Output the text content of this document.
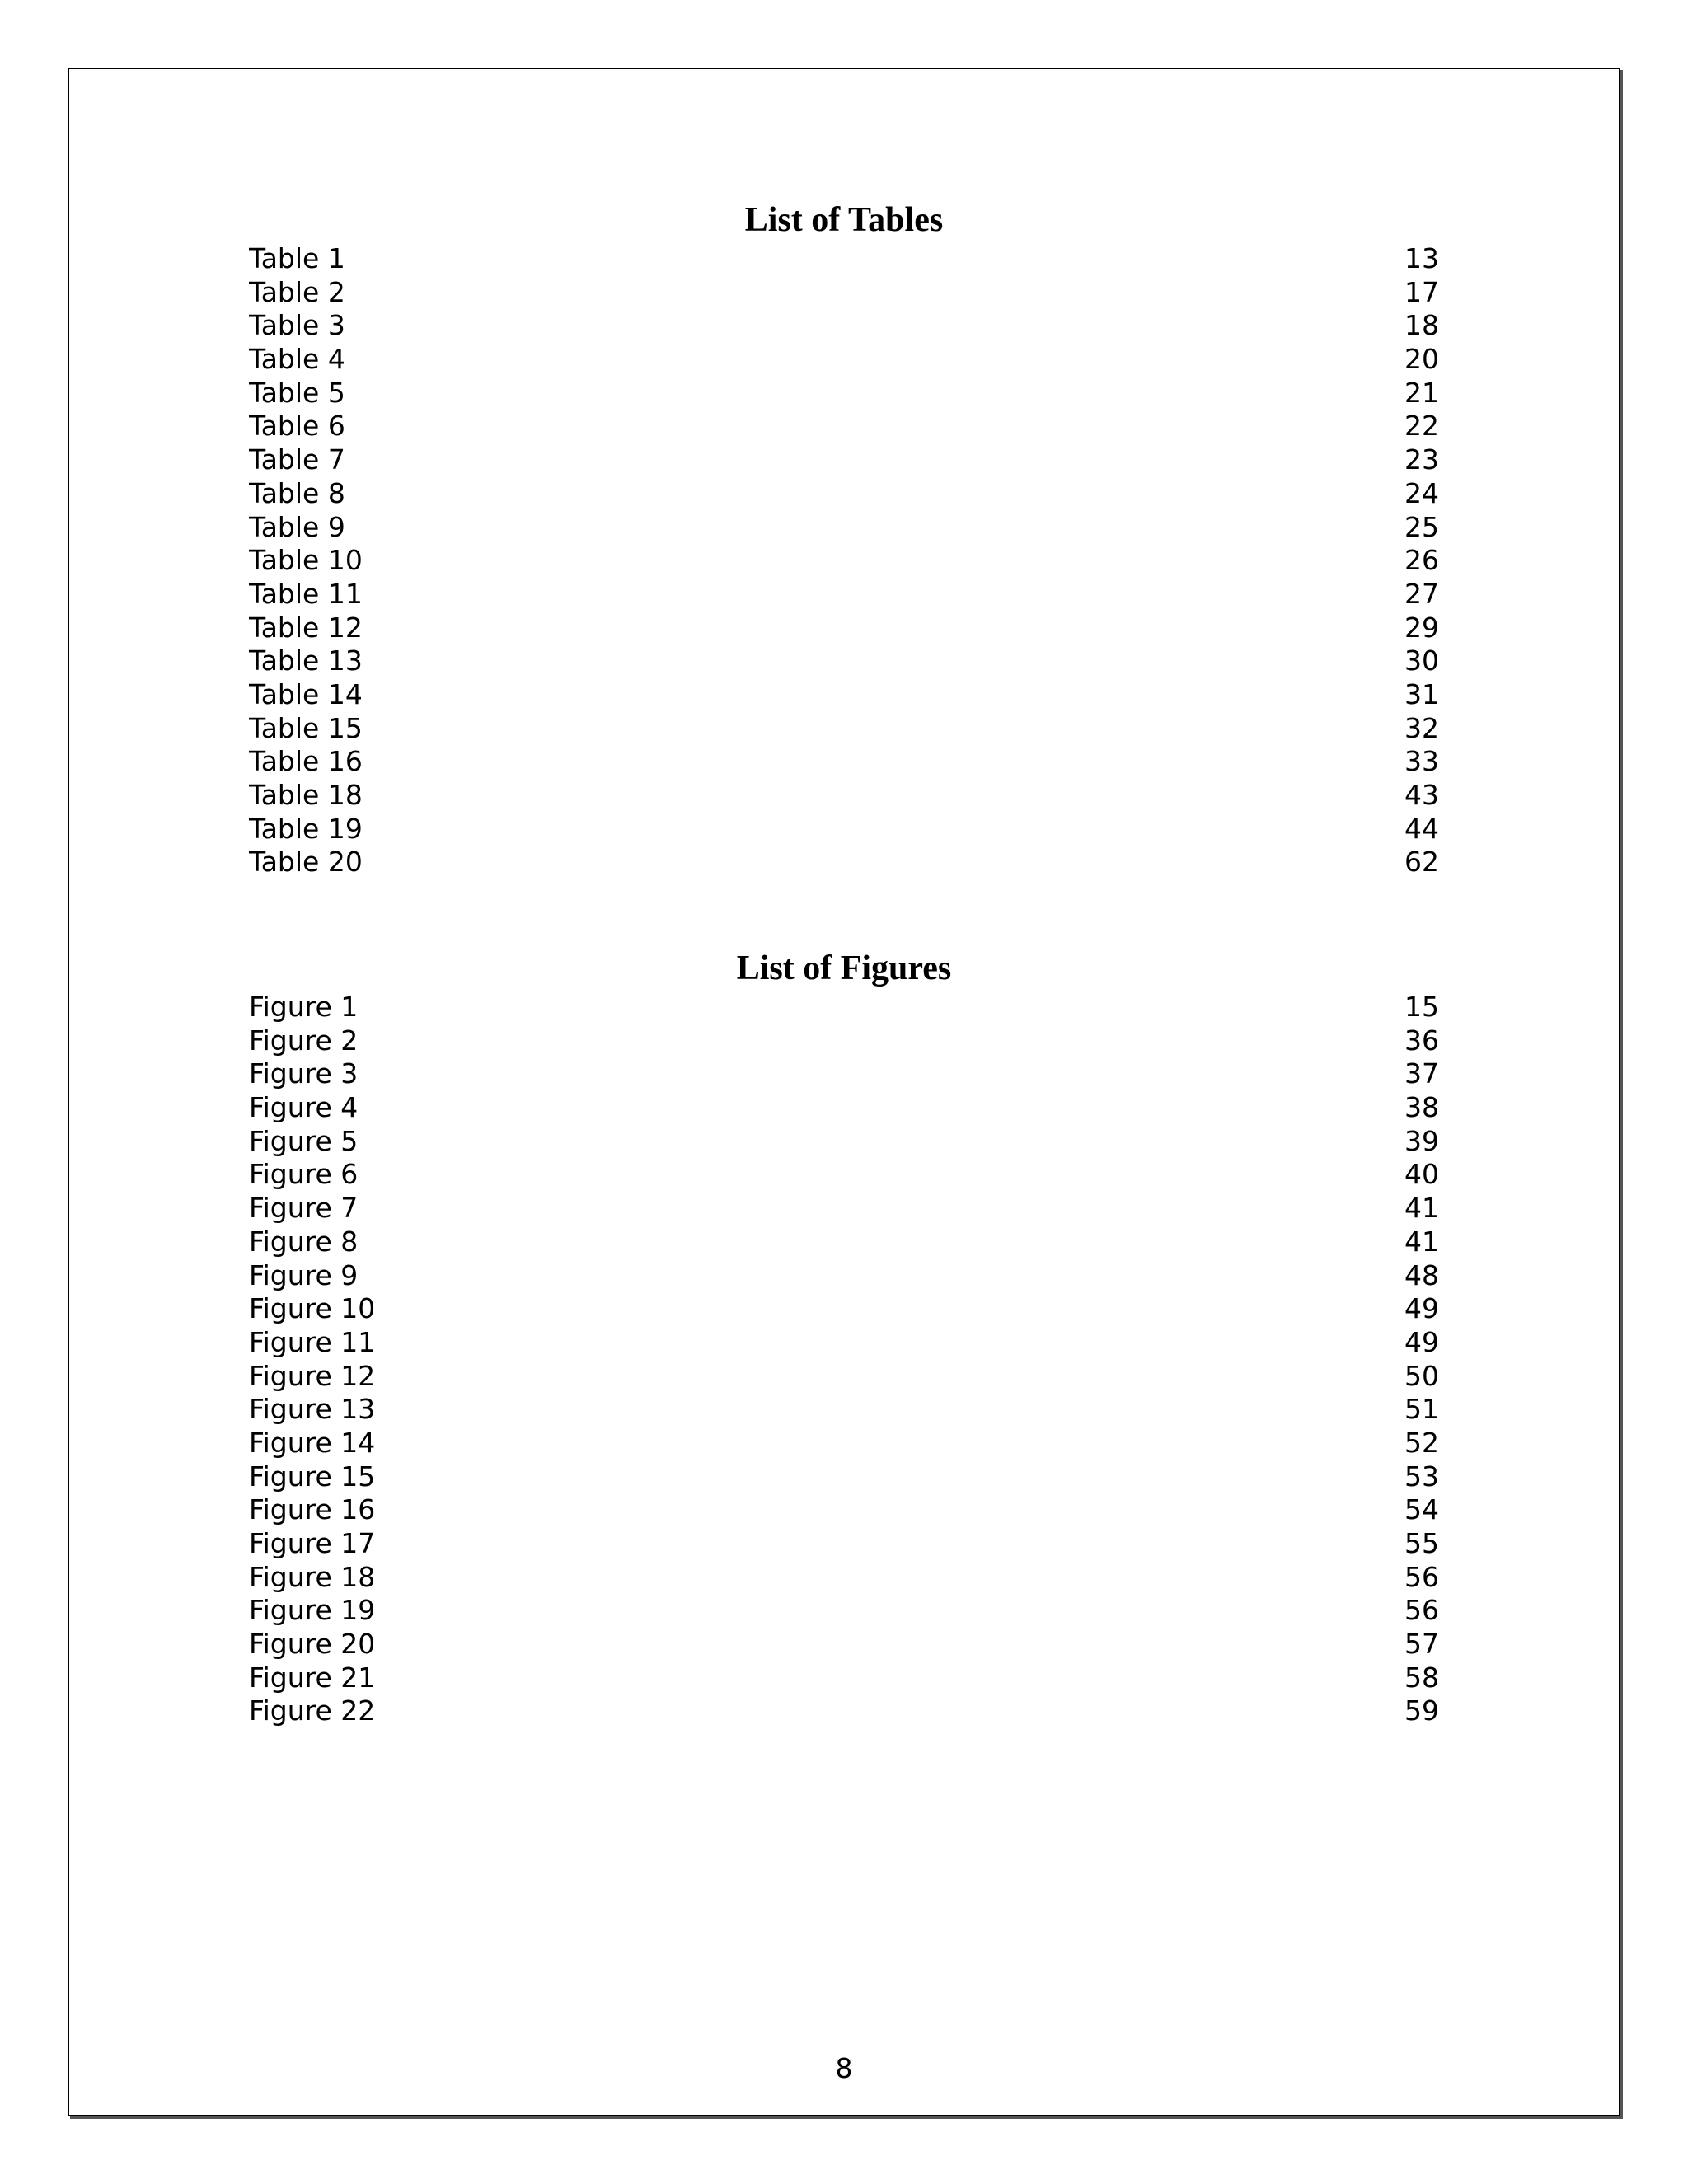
List of Tables
Table 1	13
Table 2	17
Table 3	18
Table 4	20
Table 5	21
Table 6	22
Table 7	23
Table 8	24
Table 9	25
Table 10	26
Table 11	27
Table 12	29
Table 13	30
Table 14	31
Table 15	32
Table 16	33
Table 18	43
Table 19	44
Table 20	62
List of Figures
Figure 1	15
Figure 2	36
Figure 3	37
Figure 4	38
Figure 5	39
Figure 6	40
Figure 7	41
Figure 8	41
Figure 9	48
Figure 10	49
Figure 11	49
Figure 12	50
Figure 13	51
Figure 14	52
Figure 15	53
Figure 16	54
Figure 17	55
Figure 18	56
Figure 19	56
Figure 20	57
Figure 21	58
Figure 22	59
8
